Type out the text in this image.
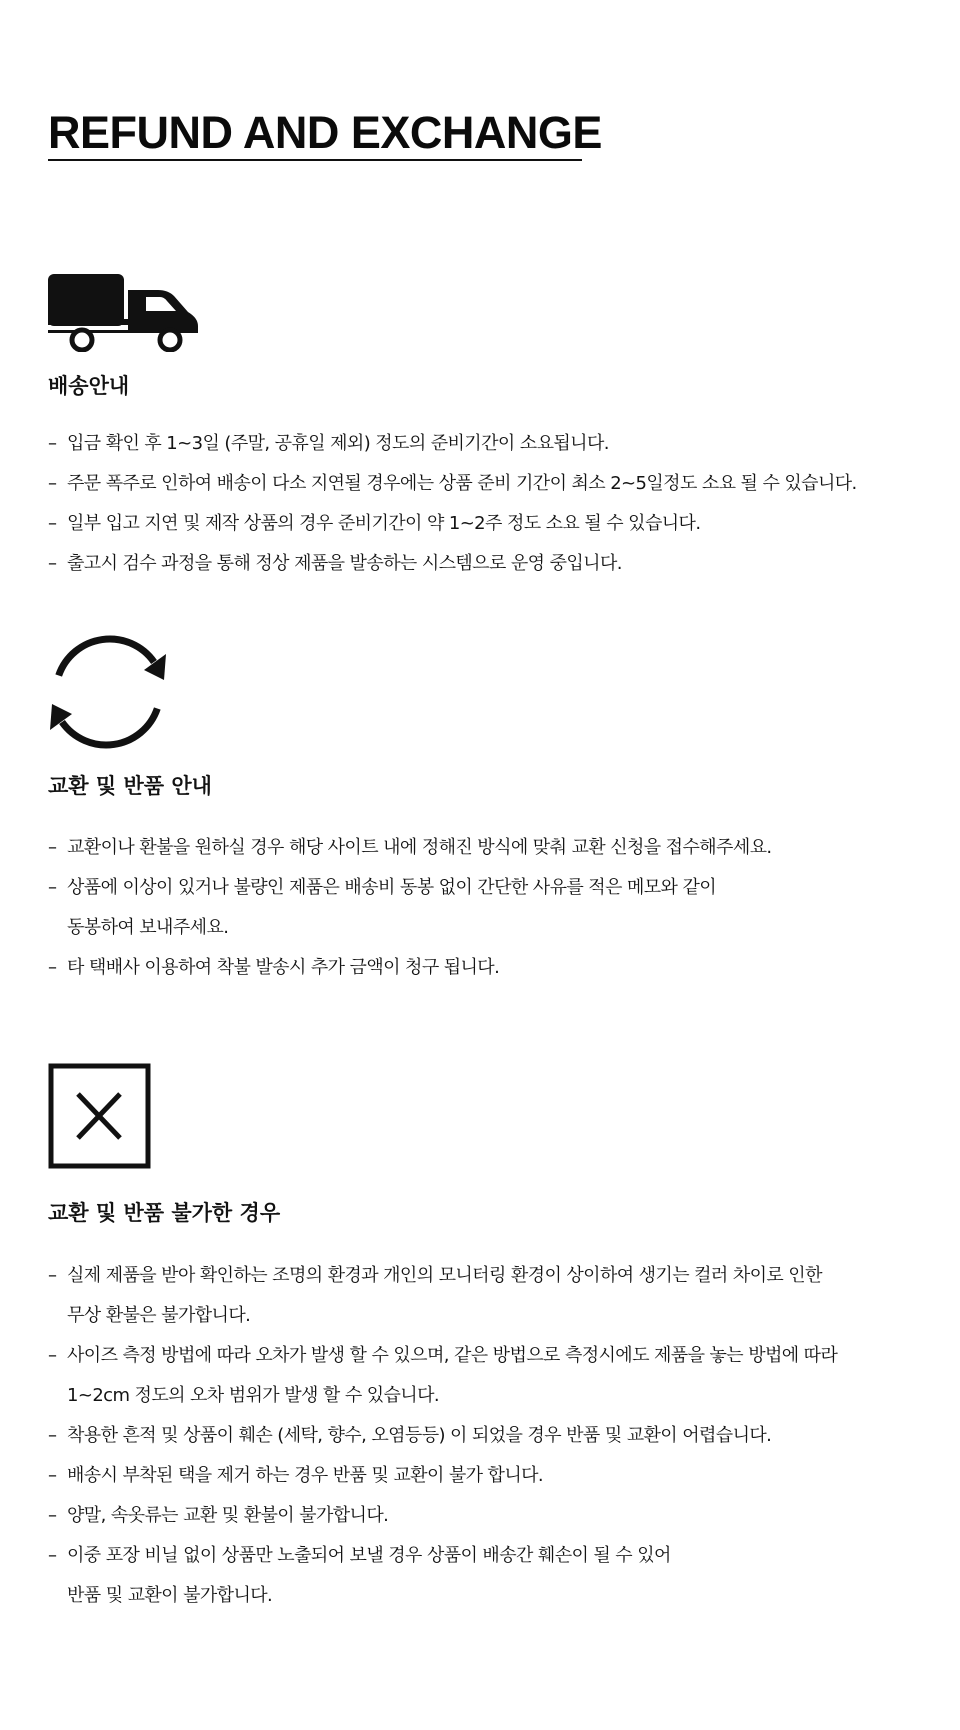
REFUND AND EXCHANGE
배송안내
– 입금 확인 후 1~3일 (주말, 공휴일 제외) 정도의 준비기간이 소요됩니다.
– 주문 폭주로 인하여 배송이 다소 지연될 경우에는 상품 준비 기간이 최소 2~5일정도 소요 될 수 있습니다.
– 일부 입고 지연 및 제작 상품의 경우 준비기간이 약 1~2주 정도 소요 될 수 있습니다.
– 출고시 검수 과정을 통해 정상 제품을 발송하는 시스템으로 운영 중입니다.
교환 및 반품 안내
– 교환이나 환불을 원하실 경우 해당 사이트 내에 정해진 방식에 맞춰 교환 신청을 접수해주세요.
– 상품에 이상이 있거나 불량인 제품은 배송비 동봉 없이 간단한 사유를 적은 메모와 같이
동봉하여 보내주세요.
– 타 택배사 이용하여 착불 발송시 추가 금액이 청구 됩니다.
교환 및 반품 불가한 경우
– 실제 제품을 받아 확인하는 조명의 환경과 개인의 모니터링 환경이 상이하여 생기는 컬러 차이로 인한
무상 환불은 불가합니다.
– 사이즈 측정 방법에 따라 오차가 발생 할 수 있으며, 같은 방법으로 측정시에도 제품을 놓는 방법에 따라
1~2cm 정도의 오차 범위가 발생 할 수 있습니다.
– 착용한 흔적 및 상품이 훼손 (세탁, 향수, 오염등등) 이 되었을 경우 반품 및 교환이 어렵습니다.
– 배송시 부착된 택을 제거 하는 경우 반품 및 교환이 불가 합니다.
– 양말, 속옷류는 교환 및 환불이 불가합니다.
– 이중 포장 비닐 없이 상품만 노출되어 보낼 경우 상품이 배송간 훼손이 될 수 있어
반품 및 교환이 불가합니다.
